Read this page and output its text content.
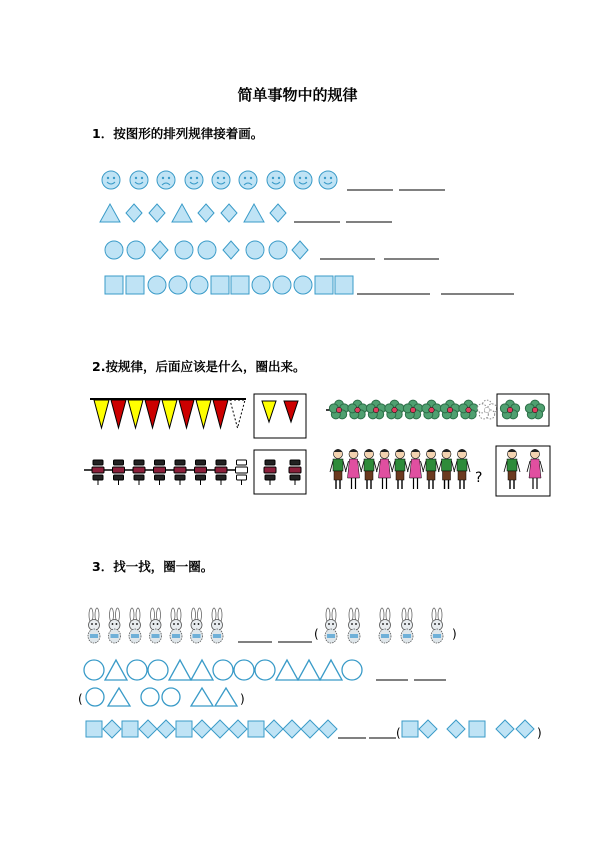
简单事物中的规律
1．按图形的排列规律接着画。
2.按规律，后面应该是什么，圈出来。
?
3．找一找，圈一圈。
(	)
(	)
(	)
